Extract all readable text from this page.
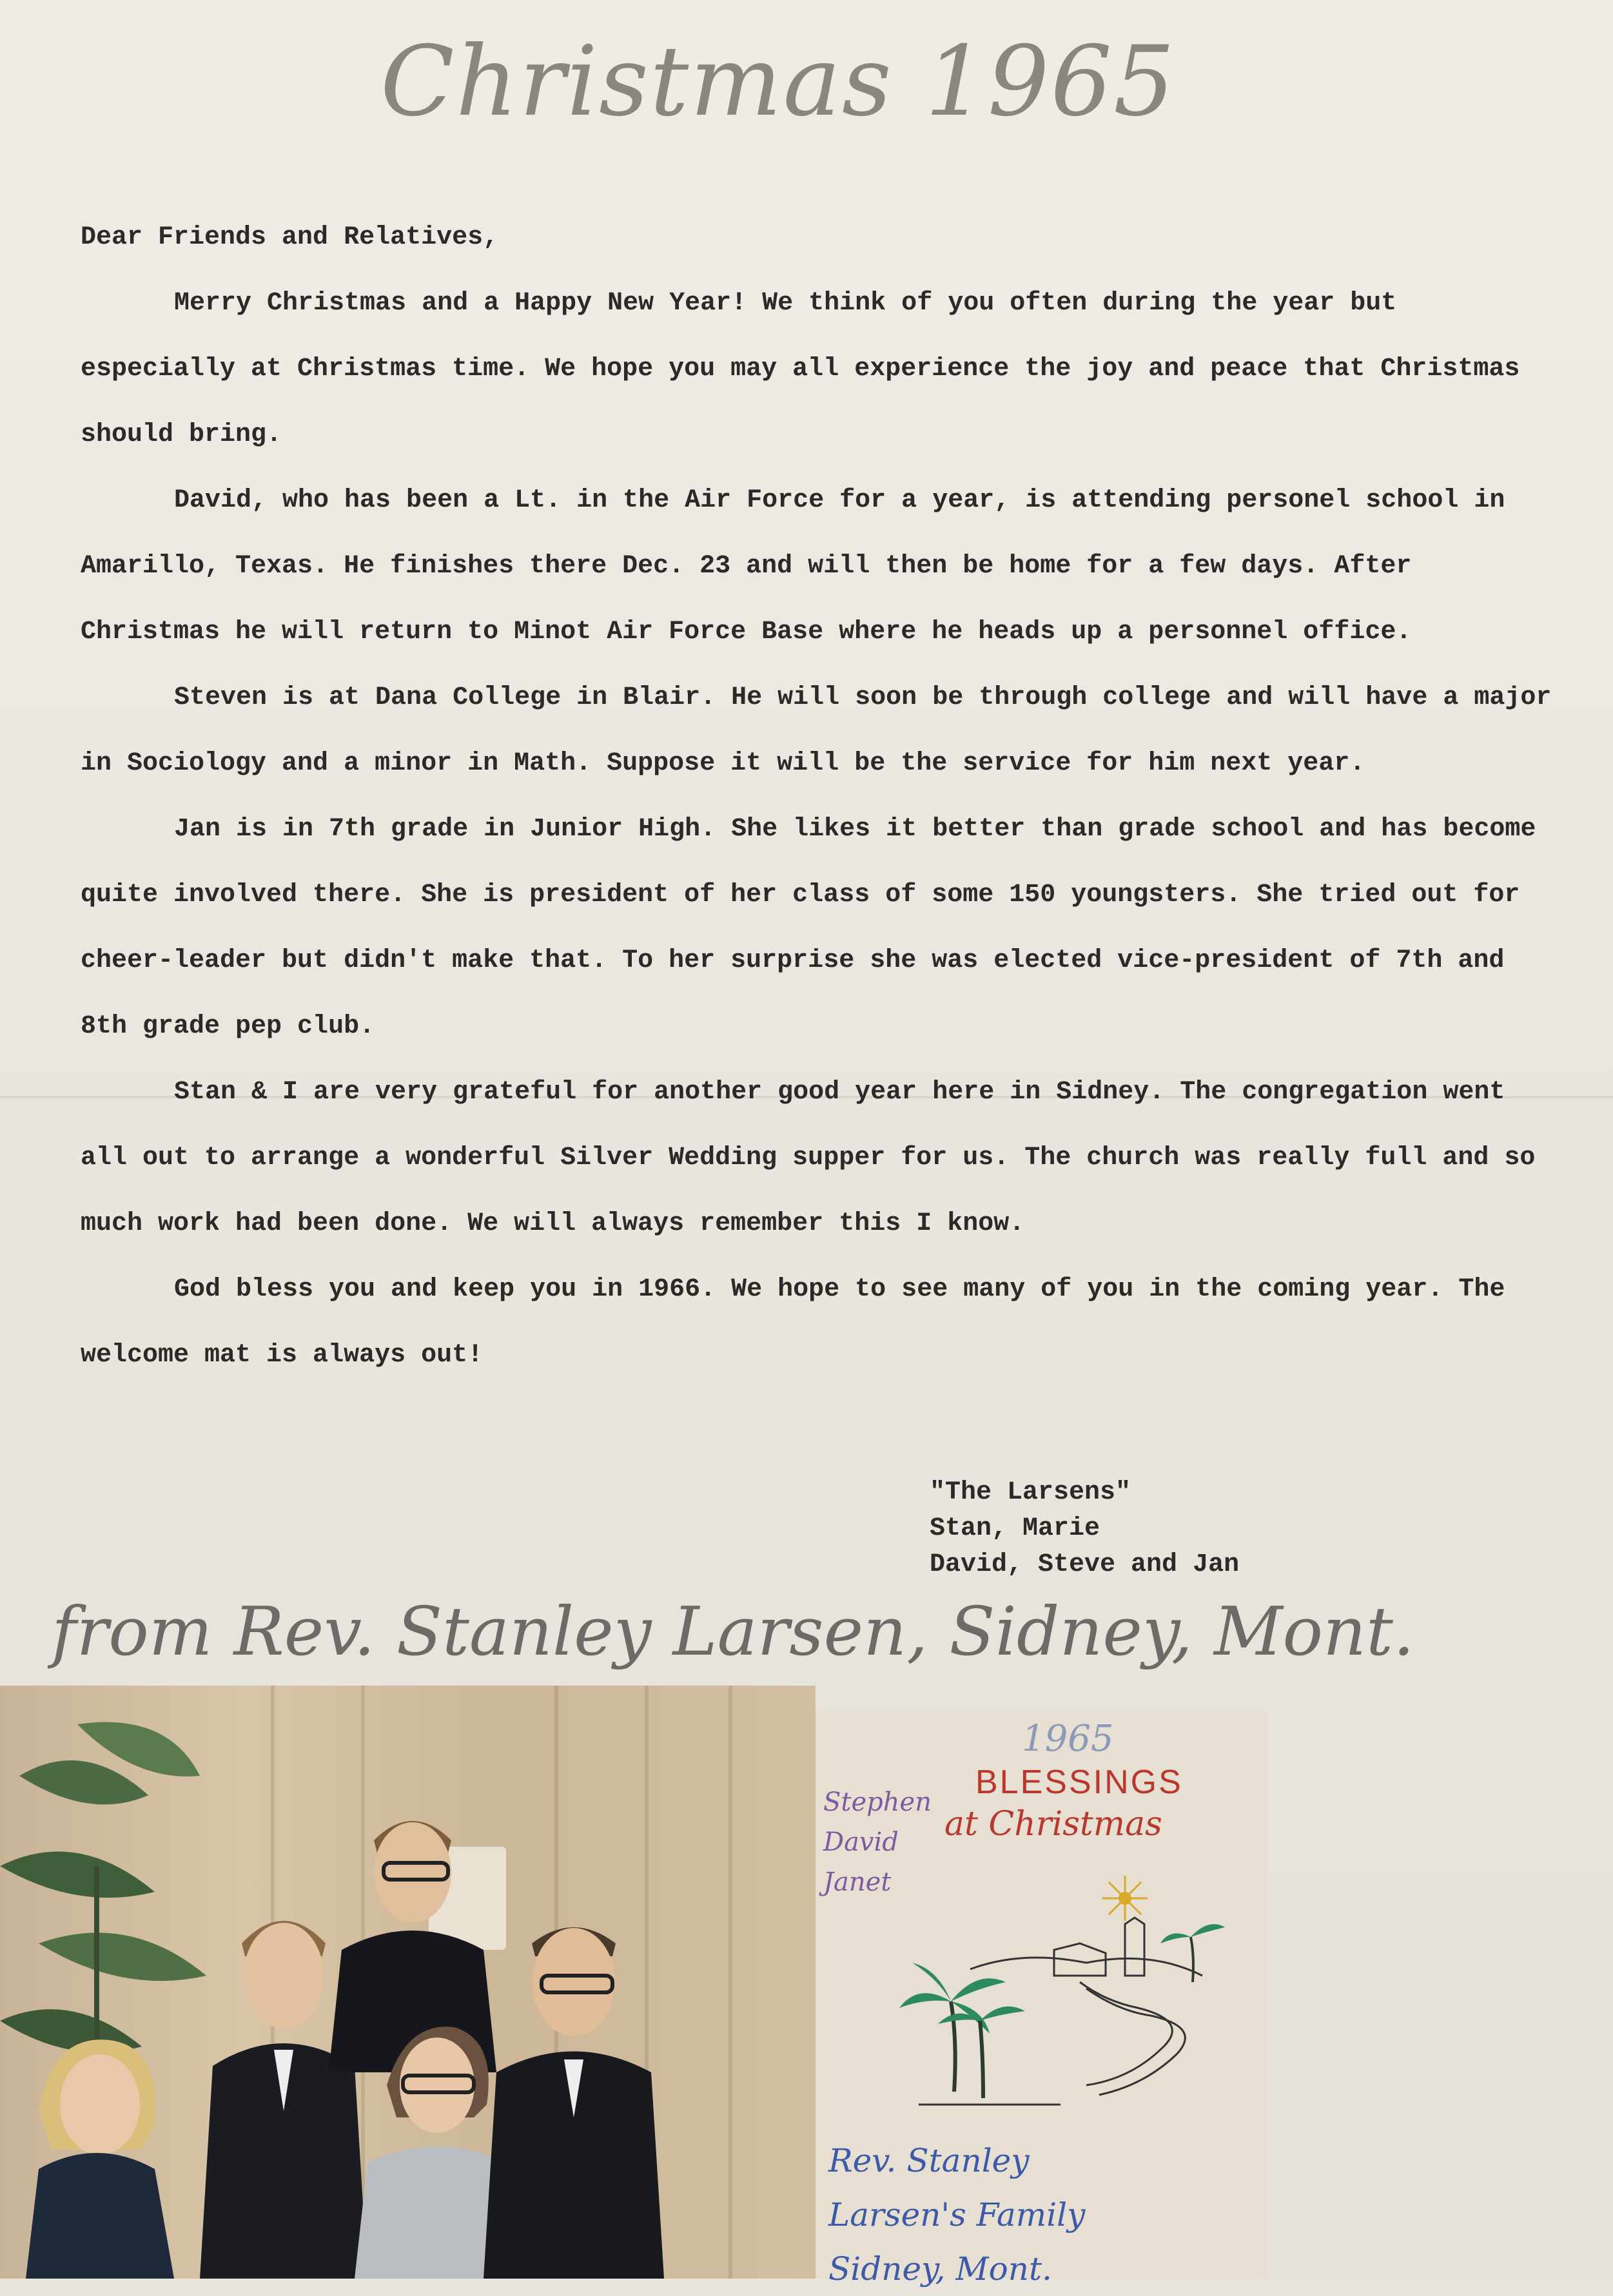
Christmas 1965

Dear Friends and Relatives,

Merry Christmas and a Happy New Year! We think of you often during the year but especially at Christmas time. We hope you may all experience the joy and peace that Christmas should bring.

David, who has been a Lt. in the Air Force for a year, is attending personel school in Amarillo, Texas. He finishes there Dec. 23 and will then be home for a few days. After Christmas he will return to Minot Air Force Base where he heads up a personnel office.

Steven is at Dana College in Blair. He will soon be through college and will have a major in Sociology and a minor in Math. Suppose it will be the service for him next year.

Jan is in 7th grade in Junior High. She likes it better than grade school and has become quite involved there. She is president of her class of some 150 youngsters. She tried out for cheer-leader but didn't make that. To her surprise she was elected vice-president of 7th and 8th grade pep club.

Stan & I are very grateful for another good year here in Sidney. The congregation went all out to arrange a wonderful Silver Wedding supper for us. The church was really full and so much work had been done. We will always remember this I know.

God bless you and keep you in 1966. We hope to see many of you in the coming year. The welcome mat is always out!

"The Larsens"
Stan, Marie
David, Steve and Jan
from Rev. Stanley Larsen, Sidney, Mont.
1965
BLESSINGS
at Christmas
Stephen
David
Janet
Rev. Stanley
Larsen's Family
Sidney, Mont.
